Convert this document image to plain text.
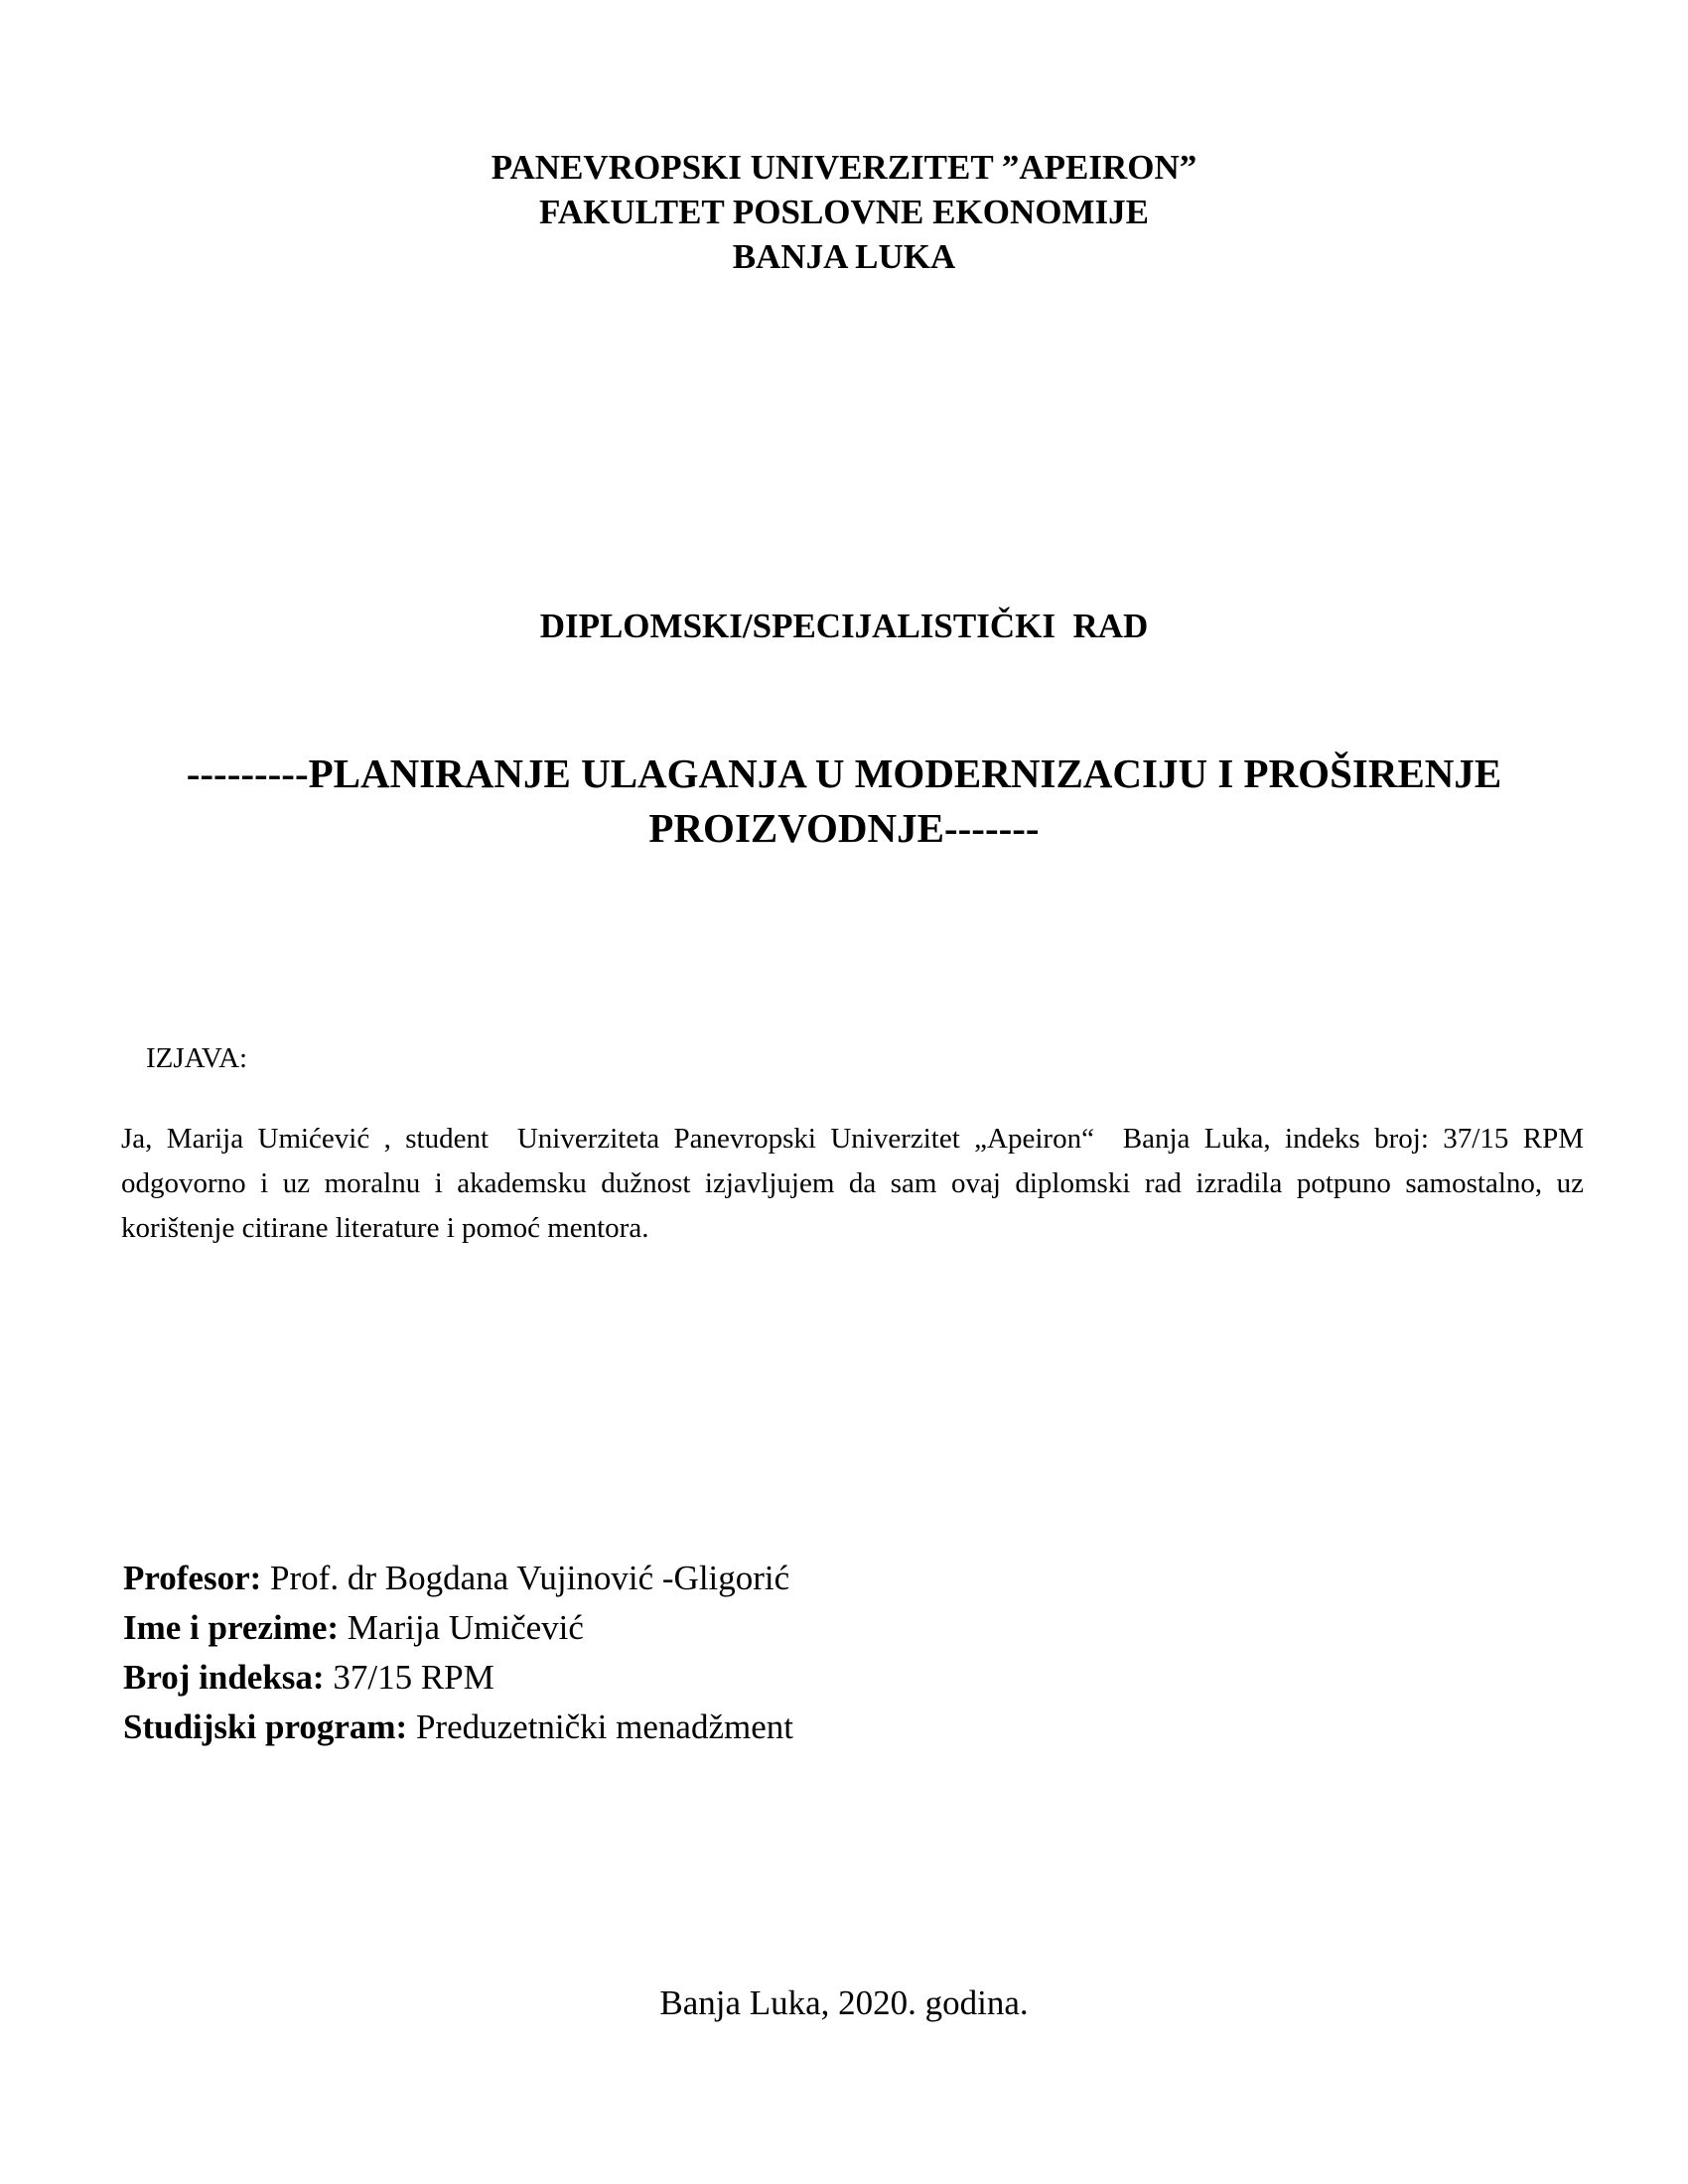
PANEVROPSKI UNIVERZITET ”APEIRON”
FAKULTET POSLOVNE EKONOMIJE
BANJA LUKA
DIPLOMSKI/SPECIJALISTIČKI  RAD
---------PLANIRANJE ULAGANJA U MODERNIZACIJU I PROŠIRENJE
PROIZVODNJE-------
IZJAVA:
Ja, Marija Umićević , student  Univerziteta Panevropski Univerzitet „Apeiron“  Banja Luka, indeks broj: 37/15 RPM  odgovorno i uz moralnu i akademsku dužnost izjavljujem da sam ovaj diplomski rad izradila potpuno samostalno, uz korištenje citirane literature i pomoć mentora.
Profesor: Prof. dr Bogdana Vujinović -Gligorić
Ime i prezime: Marija Umičević
Broj indeksa: 37/15 RPM
Studijski program: Preduzetnički menadžment
Banja Luka, 2020. godina.
